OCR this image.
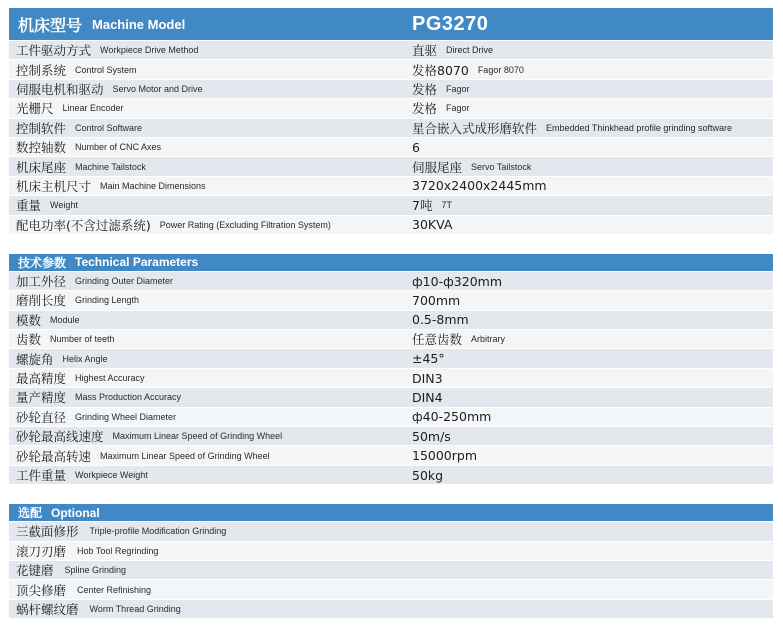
机床型号 Machine Model	PG3270
工件驱动方式 Workpiece Drive Method	直驱 Direct Drive
控制系统 Control System	发格8070 Fagor 8070
伺服电机和驱动 Servo Motor and Drive	发格 Fagor
光栅尺 Linear Encoder	发格 Fagor
控制软件 Control Software	星合嵌入式成形磨软件 Embedded Thinkhead profile grinding software
数控轴数 Number of CNC Axes	6
机床尾座 Machine Tailstock	伺服尾座 Servo Tailstock
机床主机尺寸 Main Machine Dimensions	3720x2400x2445mm
重量 Weight	7吨 7T
配电功率(不含过滤系统) Power Rating (Excluding Filtration System)	30KVA
技术参数 Technical Parameters
加工外径 Grinding Outer Diameter	ф10-ф320mm
磨削长度 Grinding Length	700mm
模数 Module	0.5-8mm
齿数 Number of teeth	任意齿数 Arbitrary
螺旋角 Helix Angle	±45°
最高精度 Highest Accuracy	DIN3
量产精度 Mass Production Accuracy	DIN4
砂轮直径 Grinding Wheel Diameter	ф40-250mm
砂轮最高线速度 Maximum Linear Speed of Grinding Wheel	50m/s
砂轮最高转速 Maximum Linear Speed of Grinding Wheel	15000rpm
工件重量 Workpiece Weight	50kg
选配 Optional
三截面修形 Triple-profile Modification Grinding
滚刀刃磨 Hob Tool Regrinding
花键磨 Spline Grinding
顶尖修磨 Center Refinishing
蜗杆螺纹磨 Worm Thread Grinding
